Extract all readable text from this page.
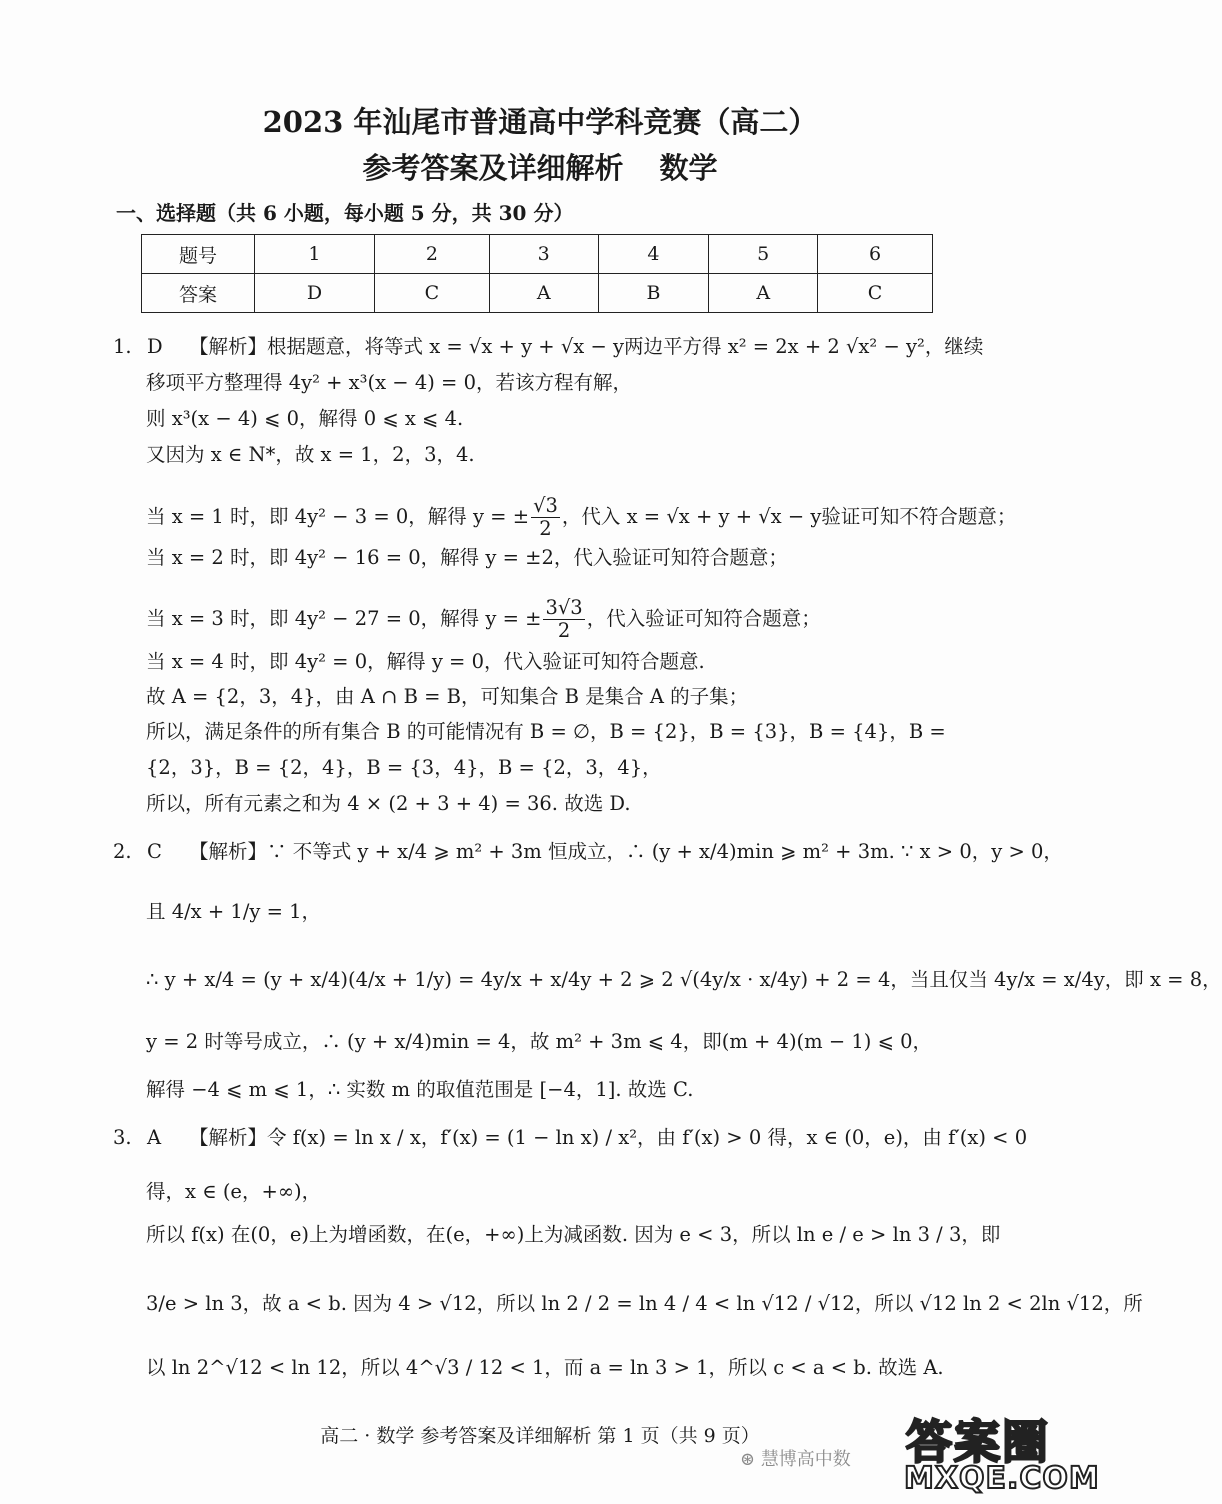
2023 年汕尾市普通高中学科竞赛（高二）
参考答案及详细解析 数学
一、选择题（共 6 小题，每小题 5 分，共 30 分）
题号	1	2	3	4	5	6
答案	D	C	A	B	A	C
1. D 【解析】根据题意，将等式 x = √x + y + √x − y两边平方得 x² = 2x + 2 √x² − y²，继续
移项平方整理得 4y² + x³(x − 4) = 0，若该方程有解，
则 x³(x − 4) ⩽ 0，解得 0 ⩽ x ⩽ 4.
又因为 x ∈ N*，故 x = 1，2，3，4.
当 x = 1 时，即 4y² − 3 = 0，解得 y = ± $\frac{√3}{2}$ ，代入 x = √x + y + √x − y验证可知不符合题意；
当 x = 2 时，即 4y² − 16 = 0，解得 y = ±2，代入验证可知符合题意；
当 x = 3 时，即 4y² − 27 = 0，解得 y = ± $\frac{3√3}{2}$ ，代入验证可知符合题意；
当 x = 4 时，即 4y² = 0，解得 y = 0，代入验证可知符合题意.
故 A = {2，3，4}，由 A ∩ B = B，可知集合 B 是集合 A 的子集；
所以，满足条件的所有集合 B 的可能情况有 B = ∅，B = {2}，B = {3}，B = {4}，B =
{2，3}，B = {2，4}，B = {3，4}，B = {2，3，4}，
所以，所有元素之和为 4 × (2 + 3 + 4) = 36. 故选 D.
2. C 【解析】∵ 不等式 y + x/4 ⩾ m² + 3m 恒成立，∴ (y + x/4)min ⩾ m² + 3m. ∵ x > 0，y > 0，
且 4/x + 1/y = 1，
∴ y + x/4 = (y + x/4)(4/x + 1/y) = 4y/x + x/4y + 2 ⩾ 2 √(4y/x · x/4y) + 2 = 4，当且仅当 4y/x = x/4y，即 x = 8，
y = 2 时等号成立，∴ (y + x/4)min = 4，故 m² + 3m ⩽ 4，即(m + 4)(m − 1) ⩽ 0，
解得 −4 ⩽ m ⩽ 1，∴ 实数 m 的取值范围是 [−4，1]. 故选 C.
3. A 【解析】令 f(x) = ln x / x，f′(x) = (1 − ln x) / x²，由 f′(x) > 0 得，x ∈ (0，e)，由 f′(x) < 0
得，x ∈ (e，+∞)，
所以 f(x) 在(0，e)上为增函数，在(e，+∞)上为减函数. 因为 e < 3，所以 ln e / e > ln 3 / 3，即
3/e > ln 3，故 a < b. 因为 4 > √12，所以 ln 2 / 2 = ln 4 / 4 < ln √12 / √12，所以 √12 ln 2 < 2ln √12，所
以 ln 2^√12 < ln 12，所以 4^√3 / 12 < 1，而 a = ln 3 > 1，所以 c < a < b. 故选 A.
高二 · 数学 参考答案及详细解析 第 1 页（共 9 页）
⊛ 慧博高中数 答案圈
MXQE.COM
